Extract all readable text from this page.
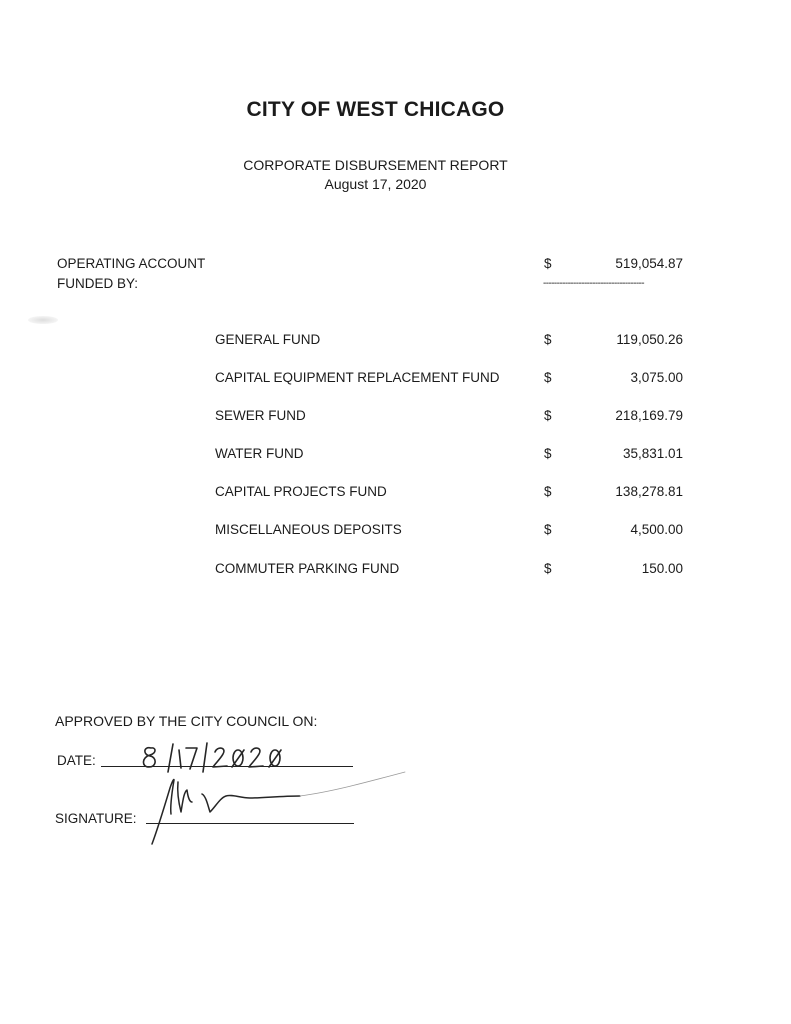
CITY OF WEST CHICAGO
CORPORATE DISBURSEMENT REPORT
August 17, 2020
OPERATING ACCOUNT	$	519,054.87
FUNDED BY:	-------------------------------------
GENERAL FUND	$	119,050.26
CAPITAL EQUIPMENT REPLACEMENT FUND	$	3,075.00
SEWER FUND	$	218,169.79
WATER FUND	$	35,831.01
CAPITAL PROJECTS FUND	$	138,278.81
MISCELLANEOUS DEPOSITS	$	4,500.00
COMMUTER PARKING FUND	$	150.00
APPROVED BY THE CITY COUNCIL ON:
DATE:
SIGNATURE:
